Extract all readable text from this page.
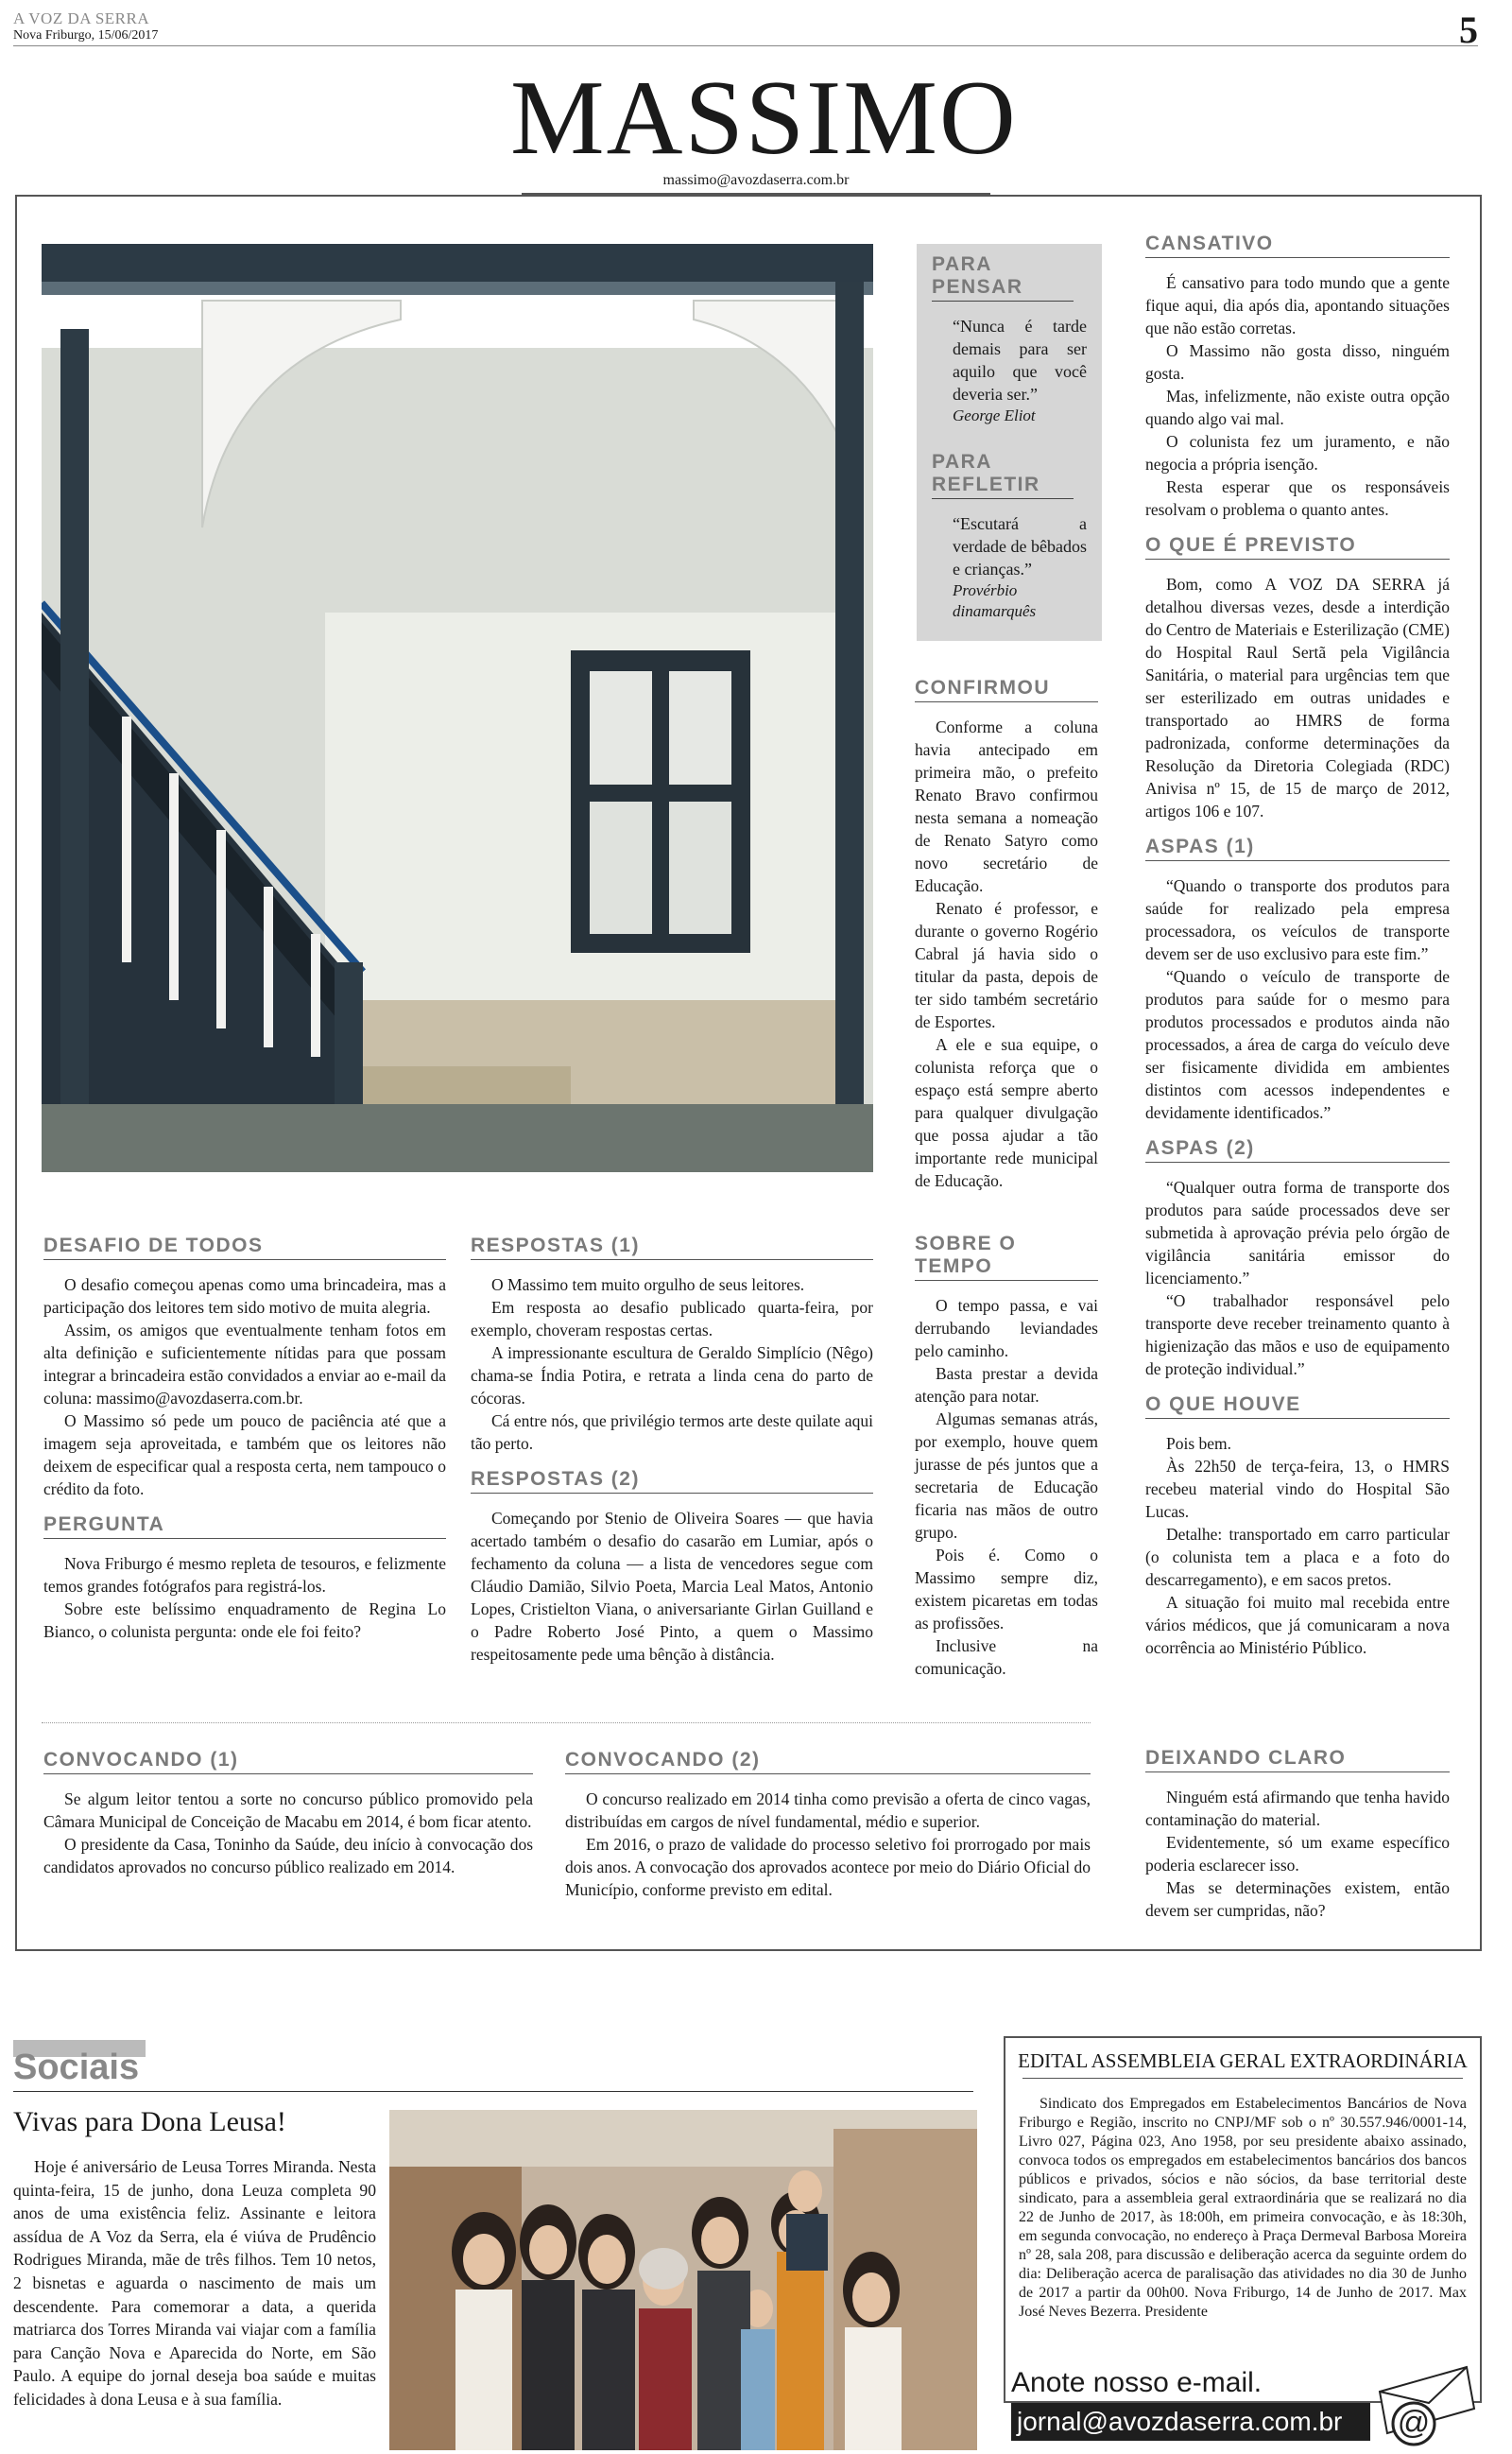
A VOZ DA SERRA
Nova Friburgo, 15/06/2017	5
MASSIMO
massimo@avozdaserra.com.br
PARA PENSAR
“Nunca é tarde demais para ser aquilo que você deveria ser.”
George Eliot
PARA REFLETIR
“Escutará a verdade de bêbados e crianças.”
Provérbio dinamarquês
CONFIRMOU

Conforme a coluna havia antecipado em primeira mão, o prefeito Renato Bravo confirmou nesta semana a nomeação de Renato Satyro como novo secretário de Educação.

Renato é professor, e durante o governo Rogério Cabral já havia sido o titular da pasta, depois de ter sido também secretário de Esportes.

A ele e sua equipe, o colunista reforça que o espaço está sempre aberto para qualquer divulgação que possa ajudar a tão importante rede municipal de Educação.

SOBRE O TEMPO

O tempo passa, e vai derrubando leviandades pelo caminho.

Basta prestar a devida atenção para notar.

Algumas semanas atrás, por exemplo, houve quem jurasse de pés juntos que a secretaria de Educação ficaria nas mãos de outro grupo.

Pois é. Como o Massimo sempre diz, existem picaretas em todas as profissões.

Inclusive na comunicação.

CANSATIVO

É cansativo para todo mundo que a gente fique aqui, dia após dia, apontando situações que não estão corretas.

O Massimo não gosta disso, ninguém gosta.

Mas, infelizmente, não existe outra opção quando algo vai mal.

O colunista fez um juramento, e não negocia a própria isenção.

Resta esperar que os responsáveis resolvam o problema o quanto antes.

O QUE É PREVISTO

Bom, como A VOZ DA SERRA já detalhou diversas vezes, desde a interdição do Centro de Materiais e Esterilização (CME) do Hospital Raul Sertã pela Vigilância Sanitária, o material para urgências tem que ser esterilizado em outras unidades e transportado ao HMRS de forma padronizada, conforme determinações da Resolução da Diretoria Colegiada (RDC) Anivisa nº 15, de 15 de março de 2012, artigos 106 e 107.

ASPAS (1)

“Quando o transporte dos produtos para saúde for realizado pela empresa processadora, os veículos de transporte devem ser de uso exclusivo para este fim.”

“Quando o veículo de transporte de produtos para saúde for o mesmo para produtos processados e produtos ainda não processados, a área de carga do veículo deve ser fisicamente dividida em ambientes distintos com acessos independentes e devidamente identificados.”

ASPAS (2)

“Qualquer outra forma de transporte dos produtos para saúde processados deve ser submetida à aprovação prévia pelo órgão de vigilância sanitária emissor do licenciamento.”

“O trabalhador responsável pelo transporte deve receber treinamento quanto à higienização das mãos e uso de equipamento de proteção individual.”

O QUE HOUVE

Pois bem.

Às 22h50 de terça-feira, 13, o HMRS recebeu material vindo do Hospital São Lucas.

Detalhe: transportado em carro particular (o colunista tem a placa e a foto do descarregamento), e em sacos pretos.

A situação foi muito mal recebida entre vários médicos, que já comunicaram a nova ocorrência ao Ministério Público.

DEIXANDO CLARO

Ninguém está afirmando que tenha havido contaminação do material.

Evidentemente, só um exame específico poderia esclarecer isso.

Mas se determinações existem, então devem ser cumpridas, não?

DESAFIO DE TODOS

O desafio começou apenas como uma brincadeira, mas a participação dos leitores tem sido motivo de muita alegria.

Assim, os amigos que eventualmente tenham fotos em alta definição e suficientemente nítidas para que possam integrar a brincadeira estão convidados a enviar ao e-mail da coluna: massimo@avozdaserra.com.br.

O Massimo só pede um pouco de paciência até que a imagem seja aproveitada, e também que os leitores não deixem de especificar qual a resposta certa, nem tampouco o crédito da foto.

PERGUNTA

Nova Friburgo é mesmo repleta de tesouros, e felizmente temos grandes fotógrafos para registrá-los.

Sobre este belíssimo enquadramento de Regina Lo Bianco, o colunista pergunta: onde ele foi feito?

RESPOSTAS (1)

O Massimo tem muito orgulho de seus leitores.

Em resposta ao desafio publicado quarta-feira, por exemplo, choveram respostas certas.

A impressionante escultura de Geraldo Simplício (Nêgo) chama-se Índia Potira, e retrata a linda cena do parto de cócoras.

Cá entre nós, que privilégio termos arte deste quilate aqui tão perto.

RESPOSTAS (2)

Começando por Stenio de Oliveira Soares — que havia acertado também o desafio do casarão em Lumiar, após o fechamento da coluna — a lista de vencedores segue com Cláudio Damião, Silvio Poeta, Marcia Leal Matos, Antonio Lopes, Cristielton Viana, o aniversariante Girlan Guilland e o Padre Roberto José Pinto, a quem o Massimo respeitosamente pede uma bênção à distância.

CONVOCANDO (1)

Se algum leitor tentou a sorte no concurso público promovido pela Câmara Municipal de Conceição de Macabu em 2014, é bom ficar atento.

O presidente da Casa, Toninho da Saúde, deu início à convocação dos candidatos aprovados no concurso público realizado em 2014.

CONVOCANDO (2)

O concurso realizado em 2014 tinha como previsão a oferta de cinco vagas, distribuídas em cargos de nível fundamental, médio e superior.

Em 2016, o prazo de validade do processo seletivo foi prorrogado por mais dois anos. A convocação dos aprovados acontece por meio do Diário Oficial do Município, conforme previsto em edital.

Sociais
Vivas para Dona Leusa!

Hoje é aniversário de Leusa Torres Miranda. Nesta quinta-feira, 15 de junho, dona Leuza completa 90 anos de uma existência feliz. Assinante e leitora assídua de A Voz da Serra, ela é viúva de Prudêncio Rodrigues Miranda, mãe de três filhos. Tem 10 netos, 2 bisnetas e aguarda o nascimento de mais um descendente. Para comemorar a data, a querida matriarca dos Torres Miranda vai viajar com a família para Canção Nova e Aparecida do Norte, em São Paulo. A equipe do jornal deseja boa saúde e muitas felicidades à dona Leusa e à sua família.

EDITAL ASSEMBLEIA GERAL EXTRAORDINÁRIA
Sindicato dos Empregados em Estabelecimentos Bancários de Nova Friburgo e Região, inscrito no CNPJ/MF sob o nº 30.557.946/0001-14, Livro 027, Página 023, Ano 1958, por seu presidente abaixo assinado, convoca todos os empregados em estabelecimentos bancários dos bancos públicos e privados, sócios e não sócios, da base territorial deste sindicato, para a assembleia geral extraordinária que se realizará no dia 22 de Junho de 2017, às 18:00h, em primeira convocação, e às 18:30h, em segunda convocação, no endereço à Praça Dermeval Barbosa Moreira nº 28, sala 208, para discussão e deliberação acerca da seguinte ordem do dia: Deliberação acerca de paralisação das atividades no dia 30 de Junho de 2017 a partir da 00h00. Nova Friburgo, 14 de Junho de 2017. Max José Neves Bezerra. Presidente
Anote nosso e-mail.
@
jornal@avozdaserra.com.br
